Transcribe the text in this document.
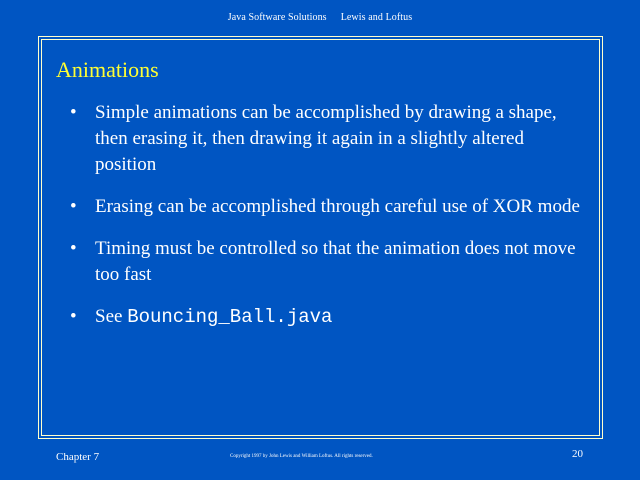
Java Software Solutions Lewis and Loftus
Animations
• Simple animations can be accomplished by drawing a shape, then erasing it, then drawing it again in a slightly altered position
• Erasing can be accomplished through careful use of XOR mode
• Timing must be controlled so that the animation does not move too fast
• See Bouncing_Ball.java
Chapter 7	Copyright 1997 by John Lewis and William Loftus. All rights reserved.	20
